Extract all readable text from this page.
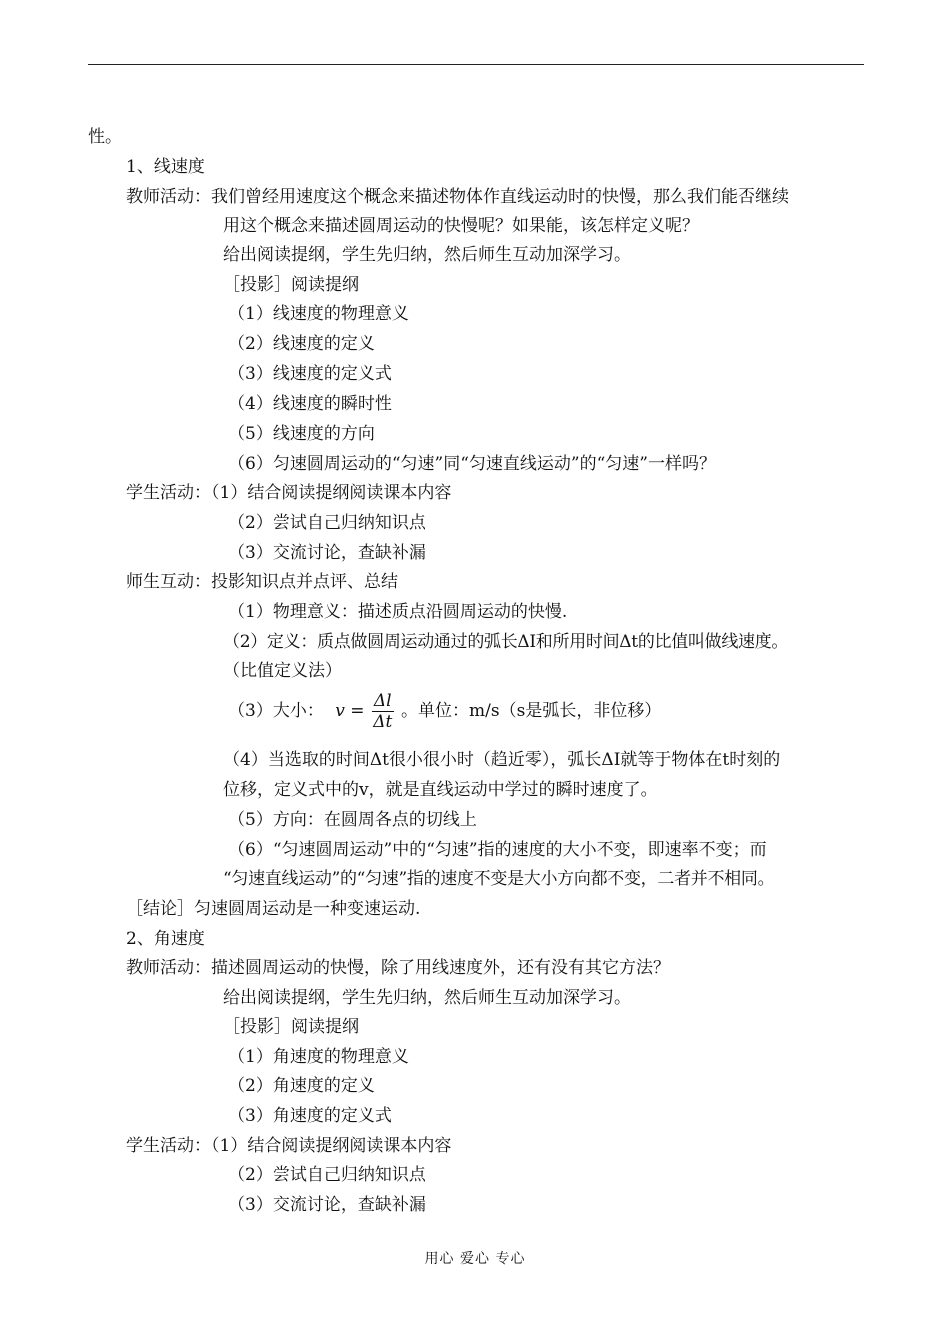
性。
1、线速度
教师活动：我们曾经用速度这个概念来描述物体作直线运动时的快慢，那么我们能否继续
用这个概念来描述圆周运动的快慢呢？如果能，该怎样定义呢？
给出阅读提纲，学生先归纳，然后师生互动加深学习。
［投影］阅读提纲
（1）线速度的物理意义
（2）线速度的定义
（3）线速度的定义式
（4）线速度的瞬时性
（5）线速度的方向
（6）匀速圆周运动的“匀速”同“匀速直线运动”的“匀速”一样吗？
学生活动：（1）结合阅读提纲阅读课本内容
（2）尝试自己归纳知识点
（3）交流讨论，查缺补漏
师生互动：投影知识点并点评、总结
（1）物理意义：描述质点沿圆周运动的快慢.
（2）定义：质点做圆周运动通过的弧长ΔI和所用时间Δt的比值叫做线速度。
（比值定义法）
（3）大小： $v = \frac{\Delta l}{\Delta t}$ 。单位：m/s（s是弧长，非位移）
（4）当选取的时间Δt很小很小时（趋近零），弧长ΔI就等于物体在t时刻的
位移，定义式中的v，就是直线运动中学过的瞬时速度了。
（5）方向：在圆周各点的切线上
（6）“匀速圆周运动”中的“匀速”指的速度的大小不变，即速率不变；而
“匀速直线运动”的“匀速”指的速度不变是大小方向都不变，二者并不相同。
［结论］匀速圆周运动是一种变速运动.
2、角速度
教师活动：描述圆周运动的快慢，除了用线速度外，还有没有其它方法？
给出阅读提纲，学生先归纳，然后师生互动加深学习。
［投影］阅读提纲
（1）角速度的物理意义
（2）角速度的定义
（3）角速度的定义式
学生活动：（1）结合阅读提纲阅读课本内容
（2）尝试自己归纳知识点
（3）交流讨论，查缺补漏
用心 爱心 专心
